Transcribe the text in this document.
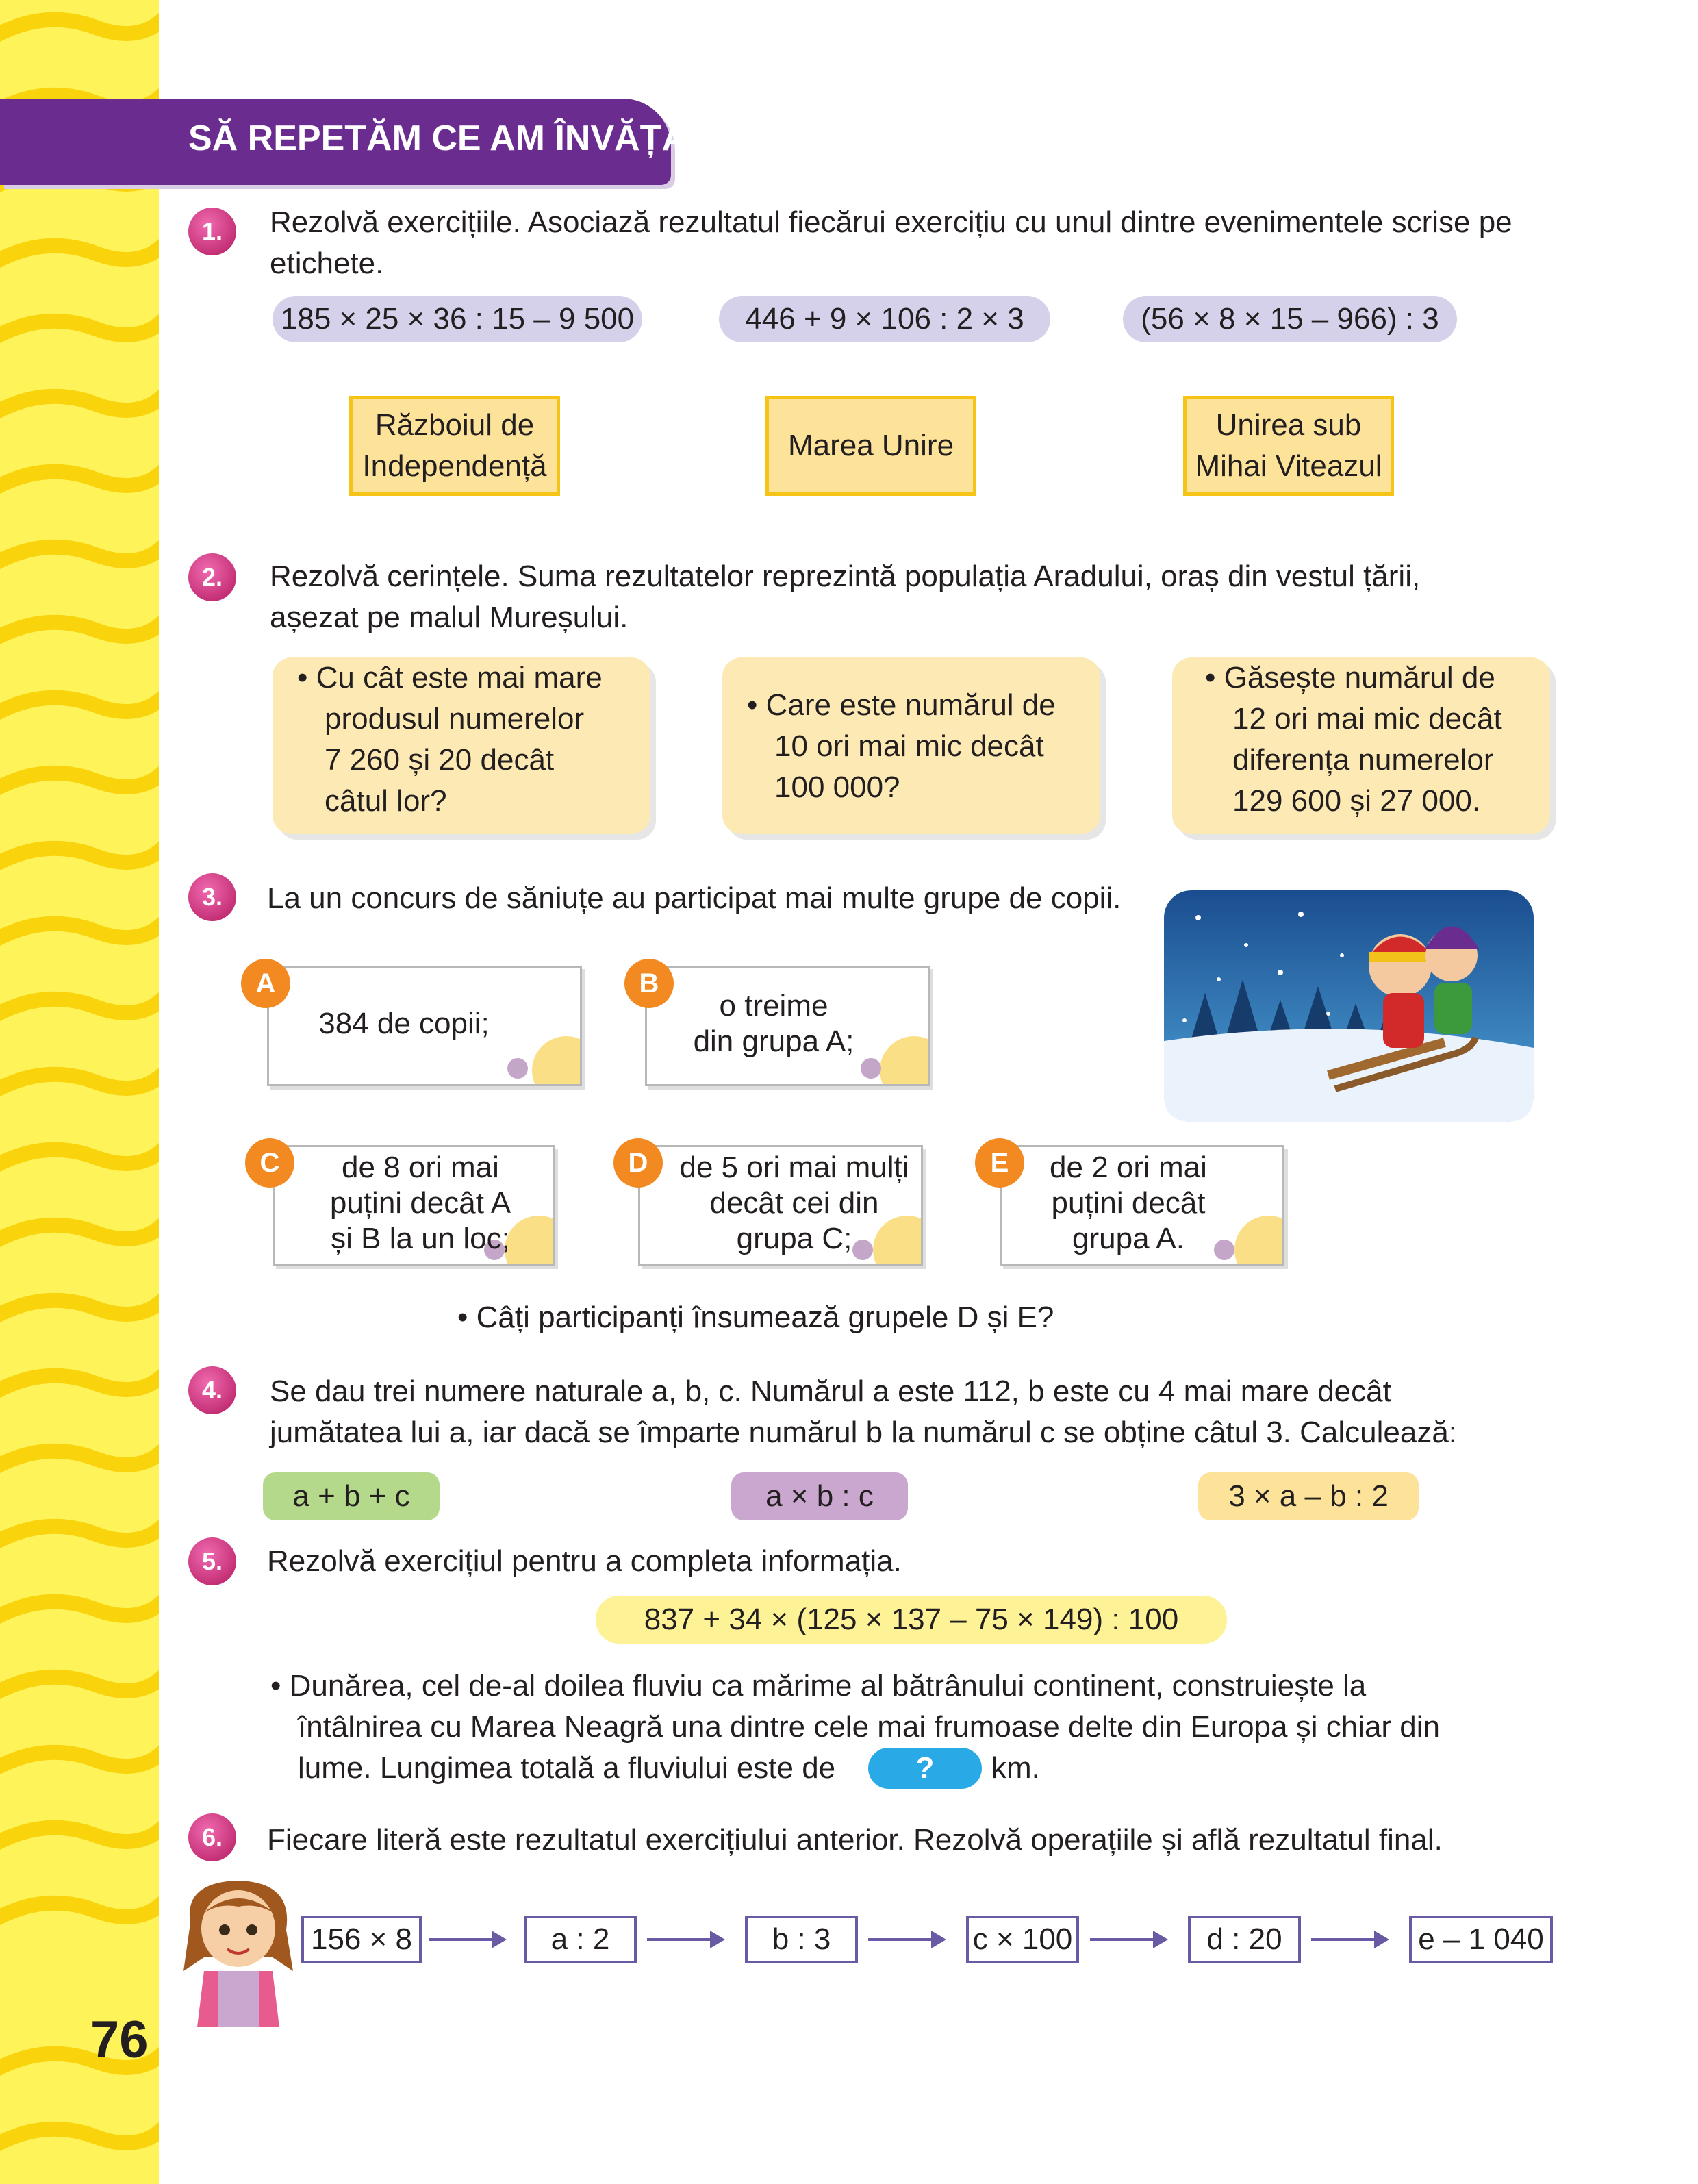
76
SĂ REPETĂM CE AM ÎNVĂȚAT
1.	Rezolvă exercițiile. Asociază rezultatul fiecărui exercițiu cu unul dintre evenimentele scrise pe
etichete.
185 × 25 × 36 : 15 – 9 500	446 + 9 × 106 : 2 × 3	(56 × 8 × 15 – 966) : 3
Războiul de
Independență
Marea Unire
Unirea sub
Mihai Viteazul
2.	Rezolvă cerințele. Suma rezultatelor reprezintă populația Aradului, oraș din vestul țării,
așezat pe malul Mureșului.
• Cu cât este mai mare
produsul numerelor
7 260 și 20 decât
câtul lor?
• Care este numărul de
10 ori mai mic decât
100 000?
• Găsește numărul de
12 ori mai mic decât
diferența numerelor
129 600 și 27 000.
3.	La un concurs de săniuțe au participat mai multe grupe de copii.
384 de copii;
A
o treime
din grupa A;
B
de 8 ori mai
puțini decât A
și B la un loc;
C	de 5 ori mai mulți
decât cei din
grupa C;
D	de 2 ori mai
puțini decât
grupa A.
E
• Câți participanți însumează grupele D și E?
4.	Se dau trei numere naturale a, b, c. Numărul a este 112, b este cu 4 mai mare decât
jumătatea lui a, iar dacă se împarte numărul b la numărul c se obține câtul 3. Calculează:
a + b + c	a × b : c	3 × a – b : 2
5.	Rezolvă exercițiul pentru a completa informația.
837 + 34 × (125 × 137 – 75 × 149) : 100
• Dunărea, cel de-al doilea fluviu ca mărime al bătrânului continent, construiește la
întâlnirea cu Marea Neagră una dintre cele mai frumoase delte din Europa și chiar din
lume. Lungimea totală a fluviului este de	?	km.
6.	Fiecare literă este rezultatul exercițiului anterior. Rezolvă operațiile și află rezultatul final.
156 × 8	a : 2	b : 3	c × 100	d : 20	e – 1 040
